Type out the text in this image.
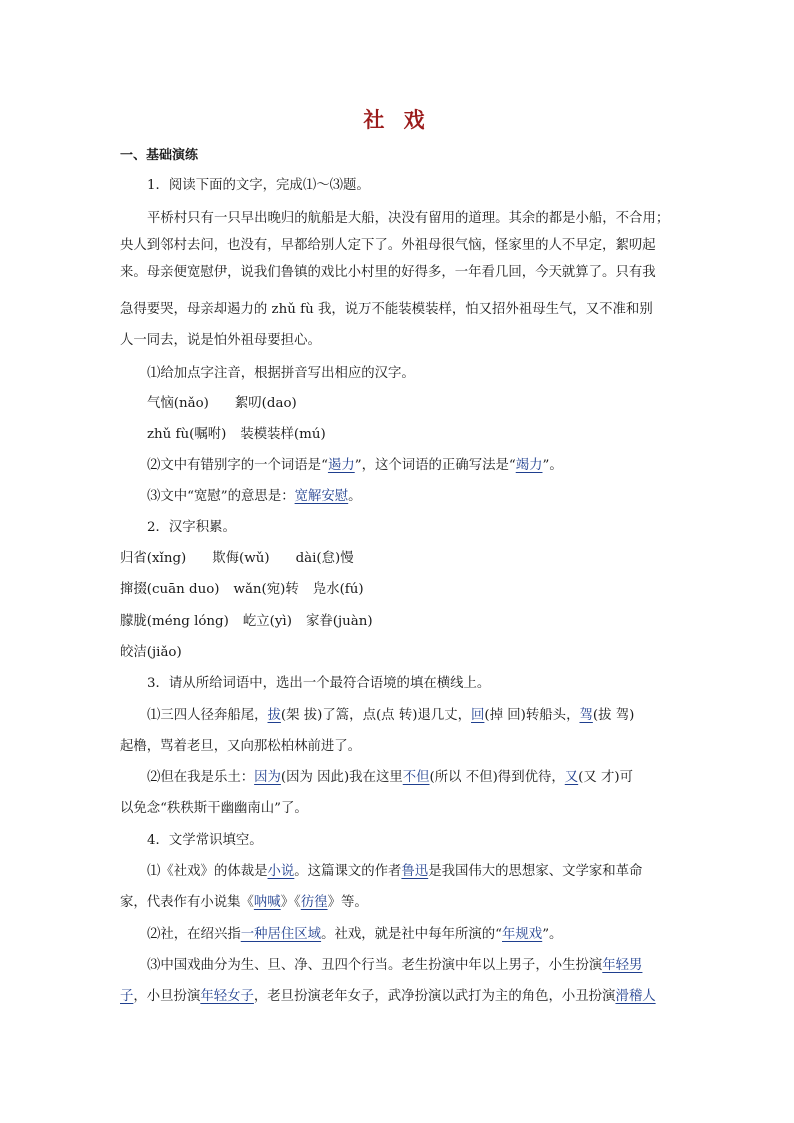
社 戏
一、基础演练
1．阅读下面的文字，完成⑴～⑶题。
平桥村只有一只早出晚归的航船是大船，决没有留用的道理。其余的都是小船，不合用；
央人到邻村去问，也没有，早都给别人定下了。外祖母很气恼，怪家里的人不早定，絮叨起
来。母亲便宽慰伊，说我们鲁镇的戏比小村里的好得多，一年看几回，今天就算了。只有我
急得要哭，母亲却遏力的 zhǔ fù 我，说万不能装模装样，怕又招外祖母生气，又不准和别
人一同去，说是怕外祖母要担心。
⑴给加点字注音，根据拼音写出相应的汉字。
气恼(nǎo) 絮叨(dao)
zhǔ fù(嘱咐) 装模装样(mú)
⑵文中有错别字的一个词语是“遏力”，这个词语的正确写法是“竭力”。
⑶文中“宽慰”的意思是：宽解安慰。
2．汉字积累。
归省(xǐng) 欺侮(wǔ) dài(怠)慢
撺掇(cuān duo) wǎn(宛)转 凫水(fú)
朦胧(méng lóng) 屹立(yì) 家眷(juàn)
皎洁(jiǎo)
3．请从所给词语中，选出一个最符合语境的填在横线上。
⑴三四人径奔船尾，拔(架 拔)了篙，点(点 转)退几丈，回(掉 回)转船头，驾(拔 驾)
起橹，骂着老旦，又向那松柏林前进了。
⑵但在我是乐土：因为(因为 因此)我在这里不但(所以 不但)得到优待，又(又 才)可
以免念“秩秩斯干幽幽南山”了。
4．文学常识填空。
⑴《社戏》的体裁是小说。这篇课文的作者鲁迅是我国伟大的思想家、文学家和革命
家，代表作有小说集《呐喊》《彷徨》等。
⑵社，在绍兴指一种居住区域。社戏，就是社中每年所演的“年规戏”。
⑶中国戏曲分为生、旦、净、丑四个行当。老生扮演中年以上男子，小生扮演年轻男
子，小旦扮演年轻女子，老旦扮演老年女子，武净扮演以武打为主的角色，小丑扮演滑稽人
